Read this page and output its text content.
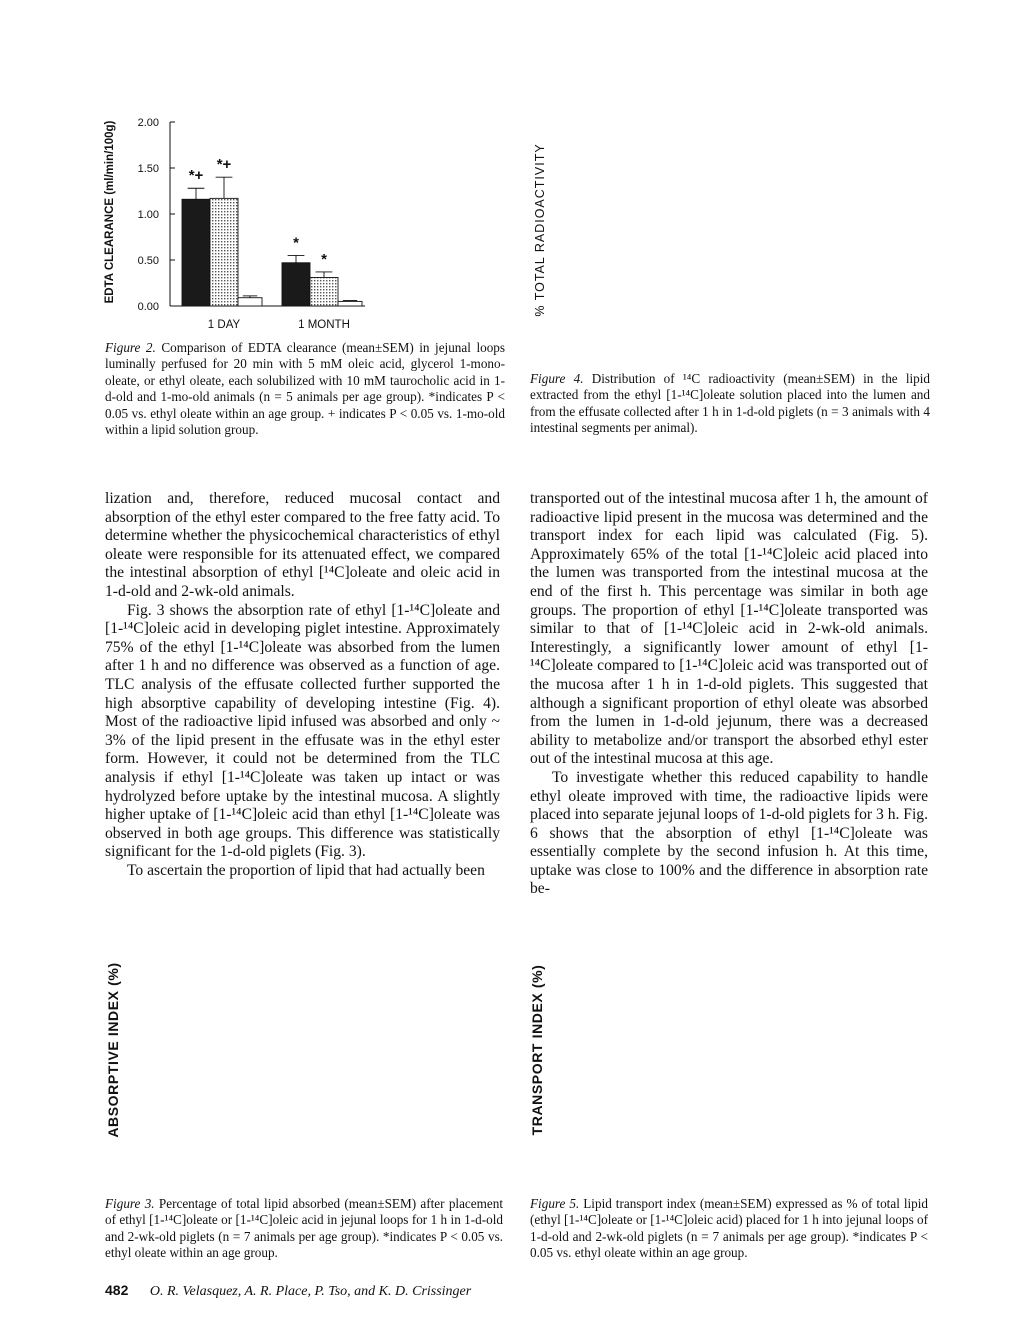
EDTA CLEARANCE (ml/min/100g)
0.00
0.50
1.00
1.50
2.00
*+
*+
1 DAY
*
*
1 MONTH
Figure 2. Comparison of EDTA clearance (mean±SEM) in jejunal loops luminally perfused for 20 min with 5 mM oleic acid, glycerol 1-mono-oleate, or ethyl oleate, each solubilized with 10 mM taurocholic acid in 1-d-old and 1-mo-old animals (n = 5 animals per age group). *indicates P < 0.05 vs. ethyl oleate within an age group. + indicates P < 0.05 vs. 1-mo-old within a lipid solution group.
% TOTAL RADIOACTIVITY
Figure 4. Distribution of ¹⁴C radioactivity (mean±SEM) in the lipid extracted from the ethyl [1-¹⁴C]oleate solution placed into the lumen and from the effusate collected after 1 h in 1-d-old piglets (n = 3 animals with 4 intestinal segments per animal).

lization and, therefore, reduced mucosal contact and absorption of the ethyl ester compared to the free fatty acid. To determine whether the physicochemical characteristics of ethyl oleate were responsible for its attenuated effect, we compared the intestinal absorption of ethyl [¹⁴C]oleate and oleic acid in 1-d-old and 2-wk-old animals.

Fig. 3 shows the absorption rate of ethyl [1-¹⁴C]oleate and [1-¹⁴C]oleic acid in developing piglet intestine. Approximately 75% of the ethyl [1-¹⁴C]oleate was absorbed from the lumen after 1 h and no difference was observed as a function of age. TLC analysis of the effusate collected further supported the high absorptive capability of developing intestine (Fig. 4). Most of the radioactive lipid infused was absorbed and only ~ 3% of the lipid present in the effusate was in the ethyl ester form. However, it could not be determined from the TLC analysis if ethyl [1-¹⁴C]oleate was taken up intact or was hydrolyzed before uptake by the intestinal mucosa. A slightly higher uptake of [1-¹⁴C]oleic acid than ethyl [1-¹⁴C]oleate was observed in both age groups. This difference was statistically significant for the 1-d-old piglets (Fig. 3).

To ascertain the proportion of lipid that had actually been

transported out of the intestinal mucosa after 1 h, the amount of radioactive lipid present in the mucosa was determined and the transport index for each lipid was calculated (Fig. 5). Approximately 65% of the total [1-¹⁴C]oleic acid placed into the lumen was transported from the intestinal mucosa at the end of the first h. This percentage was similar in both age groups. The proportion of ethyl [1-¹⁴C]oleate transported was similar to that of [1-¹⁴C]oleic acid in 2-wk-old animals. Interestingly, a significantly lower amount of ethyl [1-¹⁴C]oleate compared to [1-¹⁴C]oleic acid was transported out of the mucosa after 1 h in 1-d-old piglets. This suggested that although a significant proportion of ethyl oleate was absorbed from the lumen in 1-d-old jejunum, there was a decreased ability to metabolize and/or transport the absorbed ethyl ester out of the intestinal mucosa at this age.

To investigate whether this reduced capability to handle ethyl oleate improved with time, the radioactive lipids were placed into separate jejunal loops of 1-d-old piglets for 3 h. Fig. 6 shows that the absorption of ethyl [1-¹⁴C]oleate was essentially complete by the second infusion h. At this time, uptake was close to 100% and the difference in absorption rate be-

ABSORPTIVE INDEX (%)
Figure 3. Percentage of total lipid absorbed (mean±SEM) after placement of ethyl [1-¹⁴C]oleate or [1-¹⁴C]oleic acid in jejunal loops for 1 h in 1-d-old and 2-wk-old piglets (n = 7 animals per age group). *indicates P < 0.05 vs. ethyl oleate within an age group.
TRANSPORT INDEX (%)
Figure 5. Lipid transport index (mean±SEM) expressed as % of total lipid (ethyl [1-¹⁴C]oleate or [1-¹⁴C]oleic acid) placed for 1 h into jejunal loops of 1-d-old and 2-wk-old piglets (n = 7 animals per age group). *indicates P < 0.05 vs. ethyl oleate within an age group.
482 O. R. Velasquez, A. R. Place, P. Tso, and K. D. Crissinger
